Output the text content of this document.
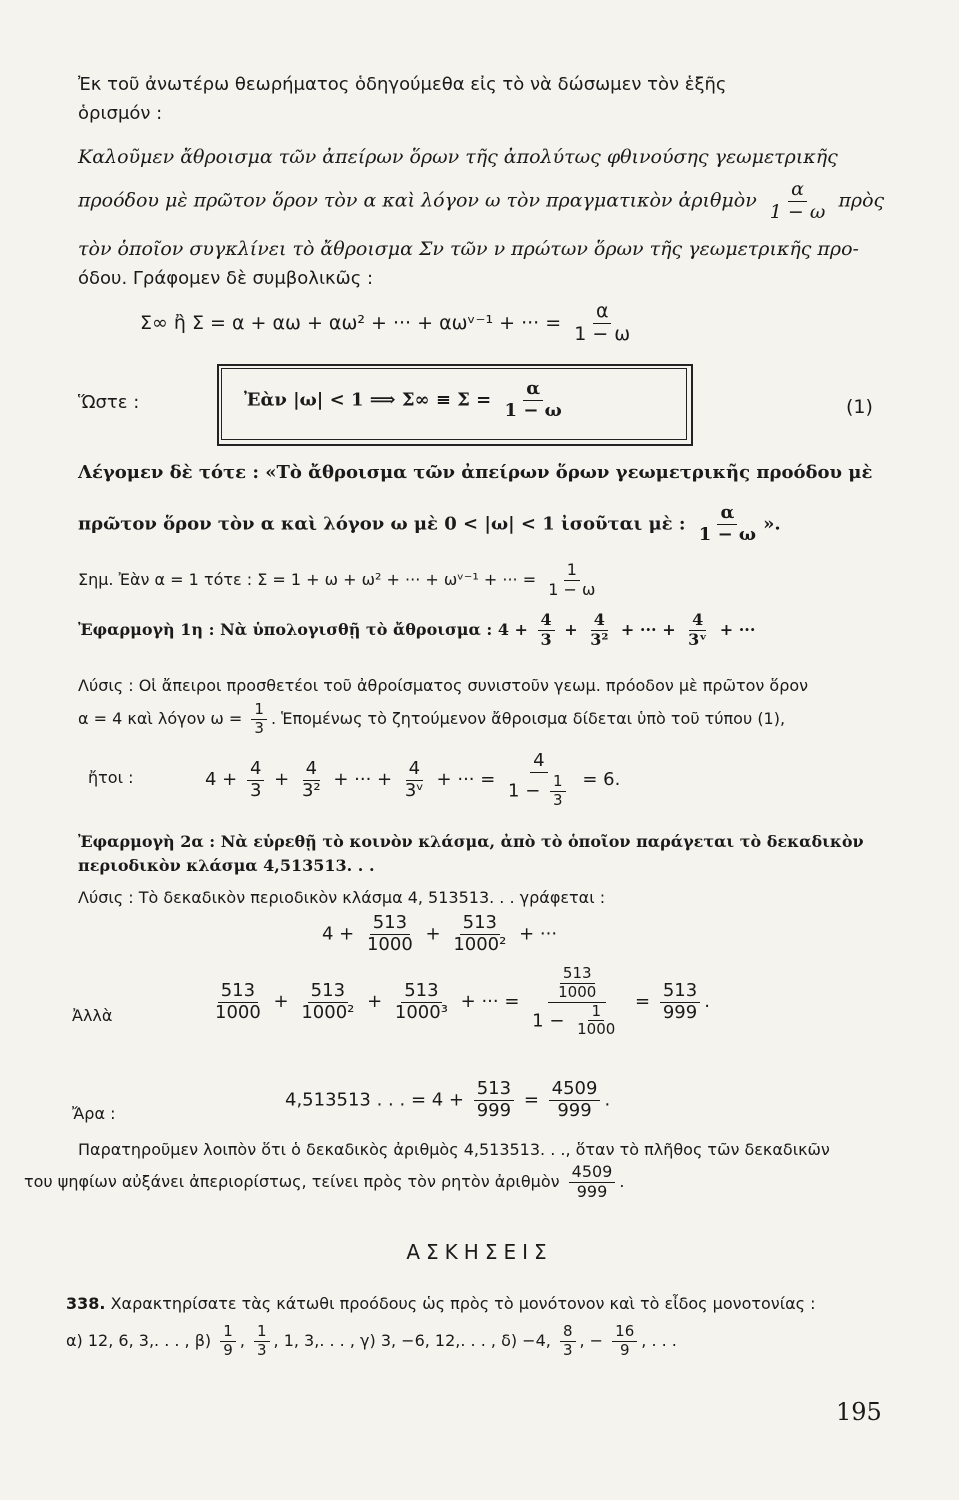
Ἐκ τοῦ ἀνωτέρω θεωρήματος ὁδηγούμεθα εἰς τὸ νὰ δώσωμεν τὸν ἑξῆς
ὁρισμόν :
Καλοῦμεν ἄθροισμα τῶν ἀπείρων ὅρων τῆς ἀπολύτως φθινούσης γεωμετρικῆς
προόδου μὲ πρῶτον ὅρον τὸν α καὶ λόγον ω τὸν πραγματικὸν ἀριθμὸν $\frac{\alpha}{1 - \omega}$ πρὸς
τὸν ὁποῖον συγκλίνει τὸ ἄθροισμα Σν τῶν ν πρώτων ὅρων τῆς γεωμετρικῆς προ-
όδου. Γράφομεν δὲ συμβολικῶς :
Σ∞ ἢ Σ = α + αω + αω² + ··· + αωᵛ⁻¹ + ··· = $\frac{\alpha}{1 - \omega}$
Ὥστε :	Ἐὰν |ω| < 1 ⟹ $\Sigma\infty \equiv \Sigma = \frac{\alpha}{1 - \omega}$	(1)
Λέγομεν δὲ τότε : «Τὸ ἄθροισμα τῶν ἀπείρων ὅρων γεωμετρικῆς προόδου μὲ
πρῶτον ὅρον τὸν α καὶ λόγον ω μὲ 0 < |ω| < 1 ἰσοῦται μὲ : $\frac{\alpha}{1 - \omega}$ ».
Σημ. Ἐὰν α = 1 τότε : Σ = 1 + ω + ω² + ··· + ωᵛ⁻¹ + ··· = $\frac{1}{1 - \omega}$
Ἐφαρμογὴ 1η : Νὰ ὑπολογισθῇ τὸ ἄθροισμα : $4 + \frac{4}{3} + \frac{4}{\text{3²}}$ + ··· + $\frac{4}{\text{3ᵛ}}$ + ···
Λύσις : Οἱ ἄπειροι προσθετέοι τοῦ ἀθροίσματος συνιστοῦν γεωμ. πρόοδον μὲ πρῶτον ὅρον
α = 4 καὶ λόγον $\omega = \frac{1}{3}$ . Ἑπομένως τὸ ζητούμενον ἄθροισμα δίδεται ὑπὸ τοῦ τύπου (1),
ἤτοι :	$4 + \frac{4}{3} + \frac{4}{\text{3²}}$ + ··· + $\frac{4}{\text{3ᵛ}}$ + ··· = $\frac{4}{1 - \frac{1}{3}} = 6$.
Ἐφαρμογὴ 2α : Νὰ εὑρεθῇ τὸ κοινὸν κλάσμα, ἀπὸ τὸ ὁποῖον παράγεται τὸ δεκαδικὸν
περιοδικὸν κλάσμα 4,513513. . .
Λύσις : Τὸ δεκαδικὸν περιοδικὸν κλάσμα 4, 513513. . . γράφεται :
$4 + \frac{513}{1000} + \frac{513}{\text{1000²}}$ + ···
Ἀλλὰ	$\frac{513}{1000} + \frac{513}{\text{1000²}} + \frac{513}{\text{1000³}}$ + ··· = $\frac{\frac{513}{1000}}{1 - \frac{1}{1000}} = \frac{513}{999}$ .
Ἄρα :
4,513513 . . . = $4 + \frac{513}{999} = \frac{4509}{999}$ .
Παρατηροῦμεν λοιπὸν ὅτι ὁ δεκαδικὸς ἀριθμὸς 4,513513. . ., ὅταν τὸ πλῆθος τῶν δεκαδικῶν
του ψηφίων αὐξάνει ἀπεριορίστως, τείνει πρὸς τὸν ρητὸν ἀριθμὸν $\frac{4509}{999}$ .
ΑΣΚΗΣΕΙΣ
338. Χαρακτηρίσατε τὰς κάτωθι προόδους ὡς πρὸς τὸ μονότονον καὶ τὸ εἶδος μονοτονίας :
α) 12, 6, 3,. . . , $\beta) \frac{1}{9}$ , $\frac{1}{3}$ , 1, 3,. . . , γ) 3, −6, 12,. . . , δ) −4, $\frac{8}{3}$ , − $\frac{16}{9}$ , . . .
195
